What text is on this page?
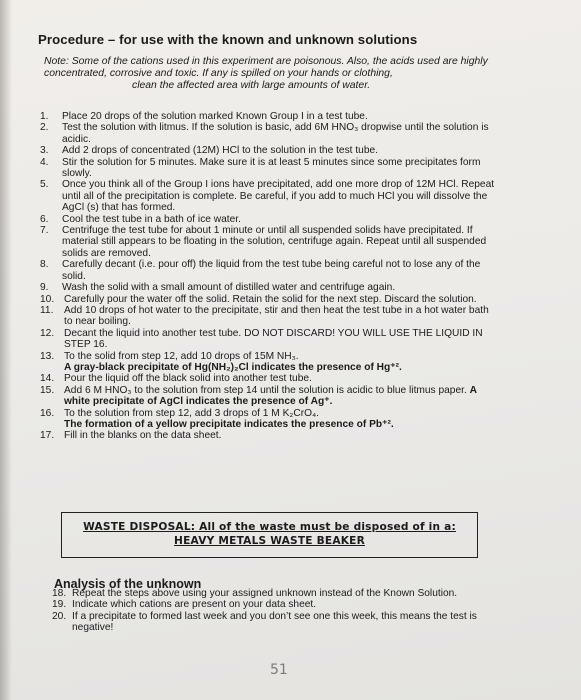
Procedure – for use with the known and unknown solutions
Note: Some of the cations used in this experiment are poisonous. Also, the acids used are highly concentrated, corrosive and toxic. If any is spilled on your hands or clothing,
clean the affected area with large amounts of water.
1. Place 20 drops of the solution marked Known Group I in a test tube.
2. Test the solution with litmus. If the solution is basic, add 6M HNO₃ dropwise until the solution is acidic.
3. Add 2 drops of concentrated (12M) HCl to the solution in the test tube.
4. Stir the solution for 5 minutes. Make sure it is at least 5 minutes since some precipitates form slowly.
5. Once you think all of the Group I ions have precipitated, add one more drop of 12M HCl. Repeat until all of the precipitation is complete. Be careful, if you add to much HCl you will dissolve the AgCl (s) that has formed.
6. Cool the test tube in a bath of ice water.
7. Centrifuge the test tube for about 1 minute or until all suspended solids have precipitated. If material still appears to be floating in the solution, centrifuge again. Repeat until all suspended solids are removed.
8. Carefully decant (i.e. pour off) the liquid from the test tube being careful not to lose any of the solid.
9. Wash the solid with a small amount of distilled water and centrifuge again.
10. Carefully pour the water off the solid. Retain the solid for the next step. Discard the solution.
11. Add 10 drops of hot water to the precipitate, stir and then heat the test tube in a hot water bath to near boiling.
12. Decant the liquid into another test tube. DO NOT DISCARD! YOU WILL USE THE LIQUID IN STEP 16.
13. To the solid from step 12, add 10 drops of 15M NH₃.
A gray-black precipitate of Hg(NH₂)₂Cl indicates the presence of Hg⁺².
14. Pour the liquid off the black solid into another test tube.
15. Add 6 M HNO₃ to the solution from step 14 until the solution is acidic to blue litmus paper. A white precipitate of AgCl indicates the presence of Ag⁺.
16. To the solution from step 12, add 3 drops of 1 M K₂CrO₄.
The formation of a yellow precipitate indicates the presence of Pb⁺².
17. Fill in the blanks on the data sheet.
WASTE DISPOSAL: All of the waste must be disposed of in a:
HEAVY METALS WASTE BEAKER
Analysis of the unknown
18. Repeat the steps above using your assigned unknown instead of the Known Solution.
19. Indicate which cations are present on your data sheet.
20. If a precipitate to formed last week and you don’t see one this week, this means the test is negative!
51
